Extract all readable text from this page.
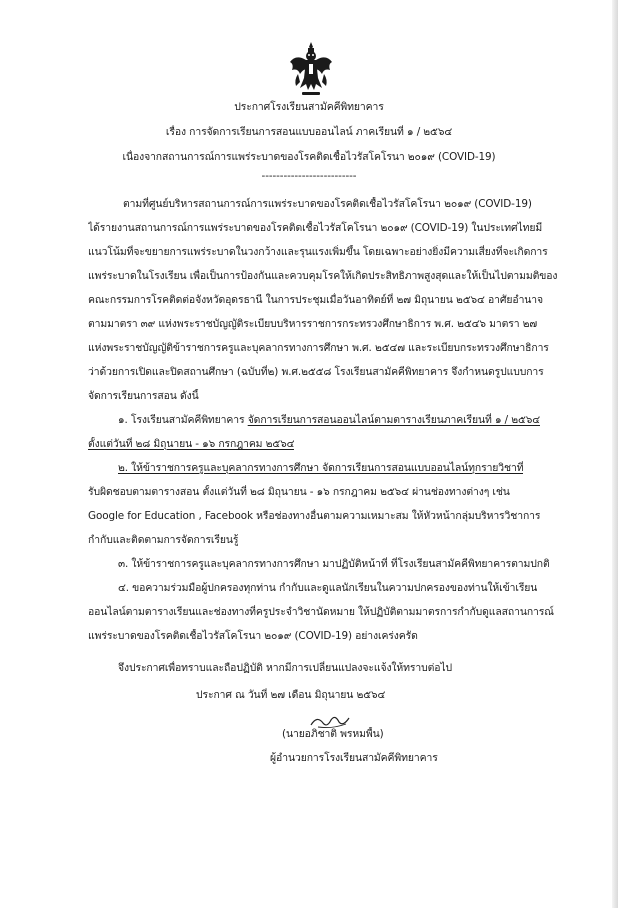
ประกาศโรงเรียนสามัคคีพิทยาคาร
เรื่อง การจัดการเรียนการสอนแบบออนไลน์ ภาคเรียนที่ ๑ / ๒๕๖๔
เนื่องจากสถานการณ์การแพร่ระบาดของโรคติดเชื้อไวรัสโคโรนา ๒๐๑๙ (COVID-19)
--------------------------
ตามที่ศูนย์บริหารสถานการณ์การแพร่ระบาดของโรคติดเชื้อไวรัสโคโรนา ๒๐๑๙ (COVID-19)
ได้รายงานสถานการณ์การแพร่ระบาดของโรคติดเชื้อไวรัสโคโรนา ๒๐๑๙ (COVID-19) ในประเทศไทยมี
แนวโน้มที่จะขยายการแพร่ระบาดในวงกว้างและรุนแรงเพิ่มขึ้น โดยเฉพาะอย่างยิ่งมีความเสี่ยงที่จะเกิดการ
แพร่ระบาดในโรงเรียน เพื่อเป็นการป้องกันและควบคุมโรคให้เกิดประสิทธิภาพสูงสุดและให้เป็นไปตามมติของ
คณะกรรมการโรคติดต่อจังหวัดอุดรธานี ในการประชุมเมื่อวันอาทิตย์ที่ ๒๗ มิถุนายน ๒๕๖๔ อาศัยอำนาจ
ตามมาตรา ๓๙ แห่งพระราชบัญญัติระเบียบบริหารราชการกระทรวงศึกษาธิการ พ.ศ. ๒๕๔๖ มาตรา ๒๗
แห่งพระราชบัญญัติข้าราชการครูและบุคลากรทางการศึกษา พ.ศ. ๒๕๔๗ และระเบียบกระทรวงศึกษาธิการ
ว่าด้วยการเปิดและปิดสถานศึกษา (ฉบับที่๒) พ.ศ.๒๕๕๘ โรงเรียนสามัคคีพิทยาคาร จึงกำหนดรูปแบบการ
จัดการเรียนการสอน ดังนี้
๑. โรงเรียนสามัคคีพิทยาคาร จัดการเรียนการสอนออนไลน์ตามตารางเรียนภาคเรียนที่ ๑ / ๒๕๖๔
ตั้งแต่วันที่ ๒๘ มิถุนายน - ๑๖ กรกฎาคม ๒๕๖๔
๒. ให้ข้าราชการครูและบุคลากรทางการศึกษา จัดการเรียนการสอนแบบออนไลน์ทุกรายวิชาที่
รับผิดชอบตามตารางสอน ตั้งแต่วันที่ ๒๘ มิถุนายน - ๑๖ กรกฎาคม ๒๕๖๔ ผ่านช่องทางต่างๆ เช่น
Google for Education , Facebook หรือช่องทางอื่นตามความเหมาะสม ให้หัวหน้ากลุ่มบริหารวิชาการ
กำกับและติดตามการจัดการเรียนรู้
๓. ให้ข้าราชการครูและบุคลากรทางการศึกษา มาปฏิบัติหน้าที่ ที่โรงเรียนสามัคคีพิทยาคารตามปกติ
๔. ขอความร่วมมือผู้ปกครองทุกท่าน กำกับและดูแลนักเรียนในความปกครองของท่านให้เข้าเรียน
ออนไลน์ตามตารางเรียนและช่องทางที่ครูประจำวิชานัดหมาย ให้ปฏิบัติตามมาตรการกำกับดูแลสถานการณ์
แพร่ระบาดของโรคติดเชื้อไวรัสโคโรนา ๒๐๑๙ (COVID-19) อย่างเคร่งครัด
จึงประกาศเพื่อทราบและถือปฏิบัติ หากมีการเปลี่ยนแปลงจะแจ้งให้ทราบต่อไป
ประกาศ ณ วันที่ ๒๗ เดือน มิถุนายน ๒๕๖๔
(นายอภิชาติ พรหมพื้น)
ผู้อำนวยการโรงเรียนสามัคคีพิทยาคาร
